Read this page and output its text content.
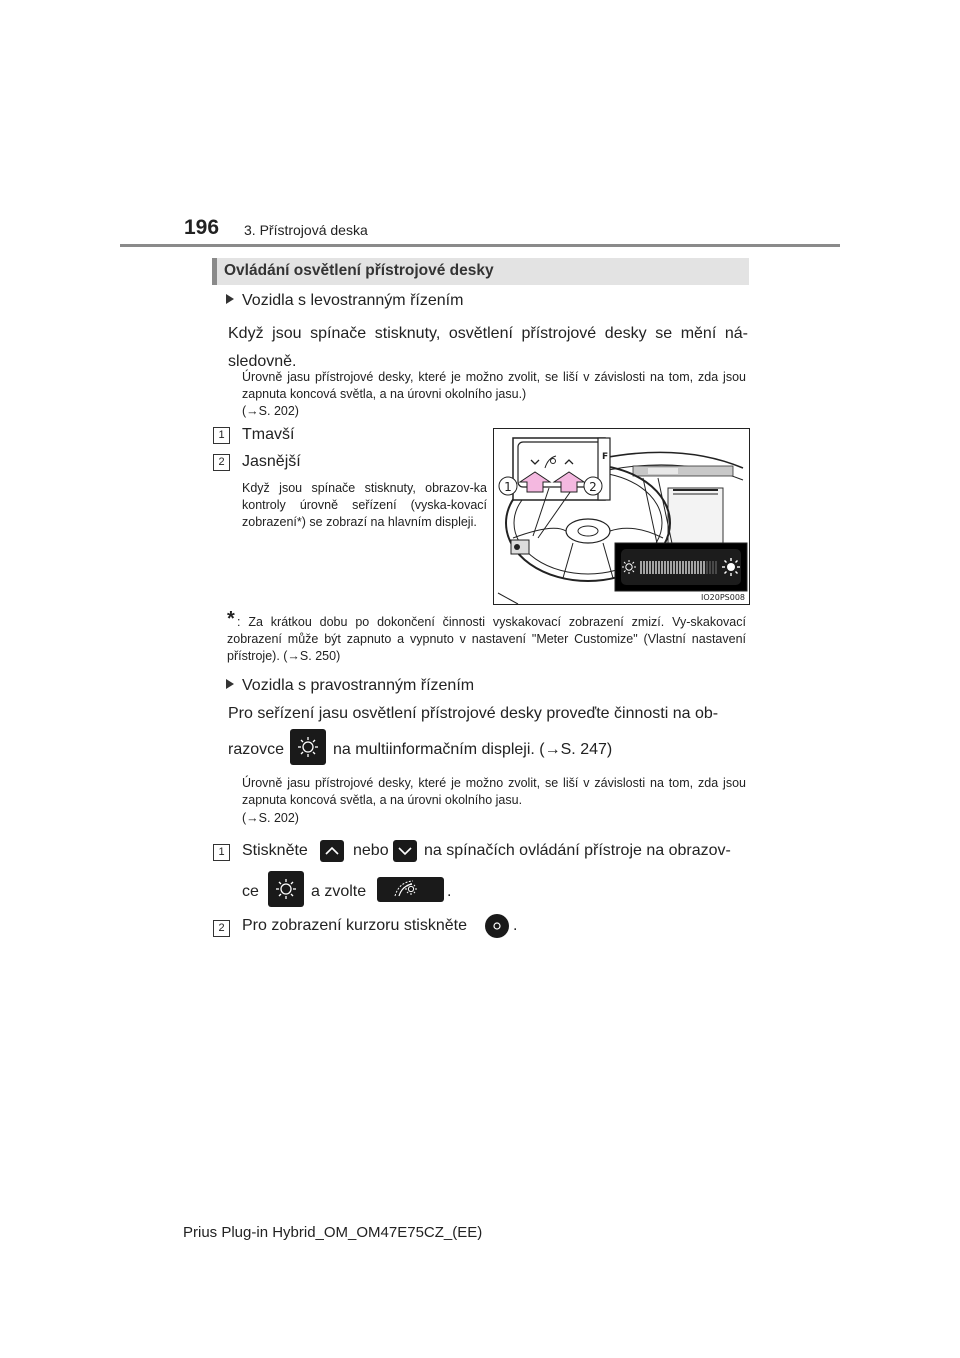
196 3. Přístrojová deska
Ovládání osvětlení přístrojové desky
Vozidla s levostranným řízením
Když jsou spínače stisknuty, osvětlení přístrojové desky se mění ná-sledovně.
Úrovně jasu přístrojové desky, které je možno zvolit, se liší v závislosti na tom, zda jsou zapnuta koncová světla, a na úrovni okolního jasu.)
(→S. 202)
1	Tmavší
2	Jasnější
Když jsou spínače stisknuty, obrazov-ka kontroly úrovně seřízení (vyska-kovací zobrazení*) se zobrazí na hlavním displeji.
F
1	2
IO20PS008
* : Za krátkou dobu po dokončení činnosti vyskakovací zobrazení zmizí. Vy-skakovací zobrazení může být zapnuto a vypnuto v nastavení "Meter Customize" (Vlastní nastavení přístroje). (→S. 250)
Vozidla s pravostranným řízením
Pro seřízení jasu osvětlení přístrojové desky proveďte činnosti na ob-
razovce	na multiinformačním displeji. (→S. 247)
Úrovně jasu přístrojové desky, které je možno zvolit, se liší v závislosti na tom, zda jsou zapnuta koncová světla, a na úrovni okolního jasu.
(→S. 202)
1	Stiskněte	nebo na spínačích ovládání přístroje na obrazov-
ce	a zvolte	.
2	Pro zobrazení kurzoru stiskněte	.
Prius Plug-in Hybrid_OM_OM47E75CZ_(EE)
